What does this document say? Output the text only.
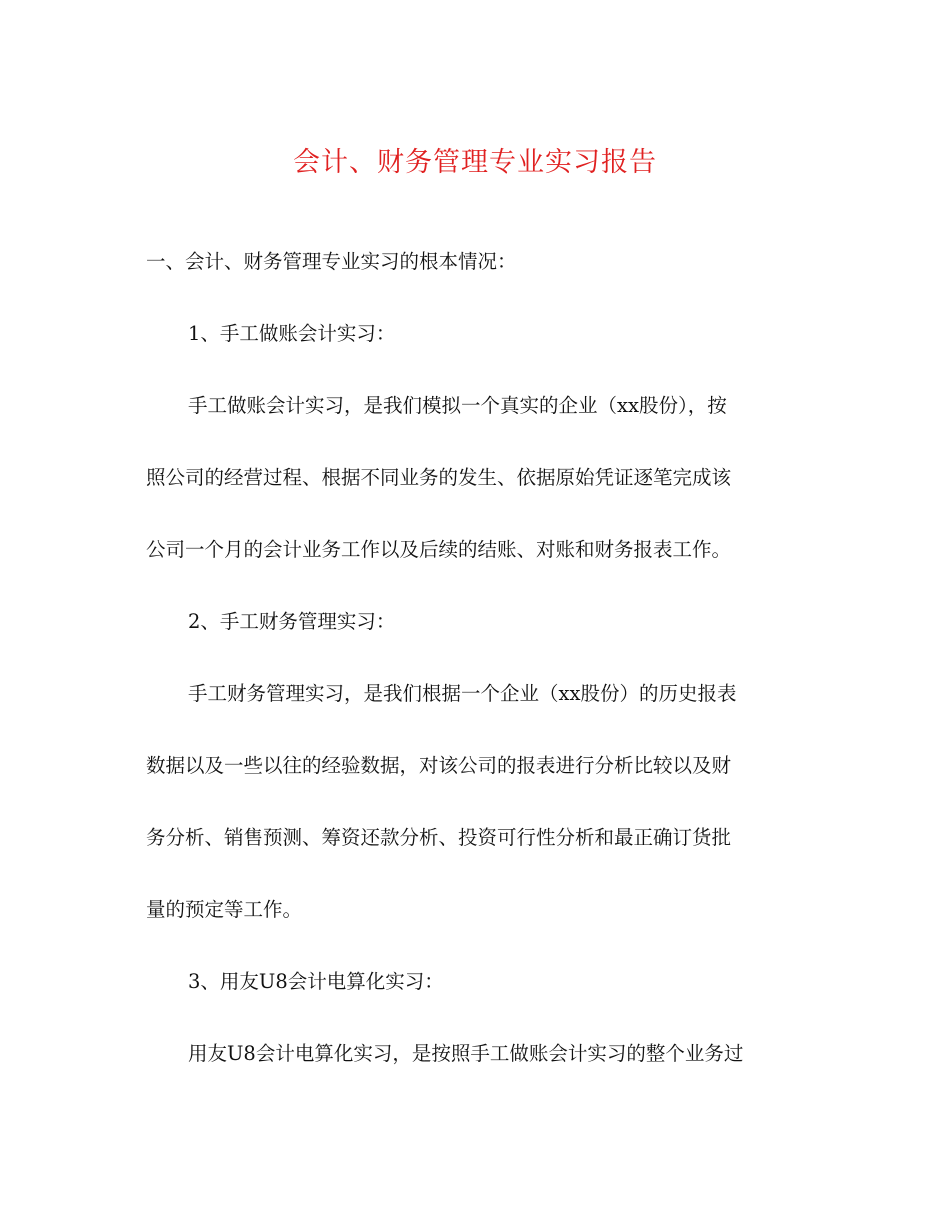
会计、财务管理专业实习报告
一、会计、财务管理专业实习的根本情况：
1、手工做账会计实习：
手工做账会计实习，是我们模拟一个真实的企业（xx股份），按
照公司的经营过程、根据不同业务的发生、依据原始凭证逐笔完成该
公司一个月的会计业务工作以及后续的结账、对账和财务报表工作。
2、手工财务管理实习：
手工财务管理实习，是我们根据一个企业（xx股份）的历史报表
数据以及一些以往的经验数据，对该公司的报表进行分析比较以及财
务分析、销售预测、筹资还款分析、投资可行性分析和最正确订货批
量的预定等工作。
3、用友U8会计电算化实习：
用友U8会计电算化实习，是按照手工做账会计实习的整个业务过
